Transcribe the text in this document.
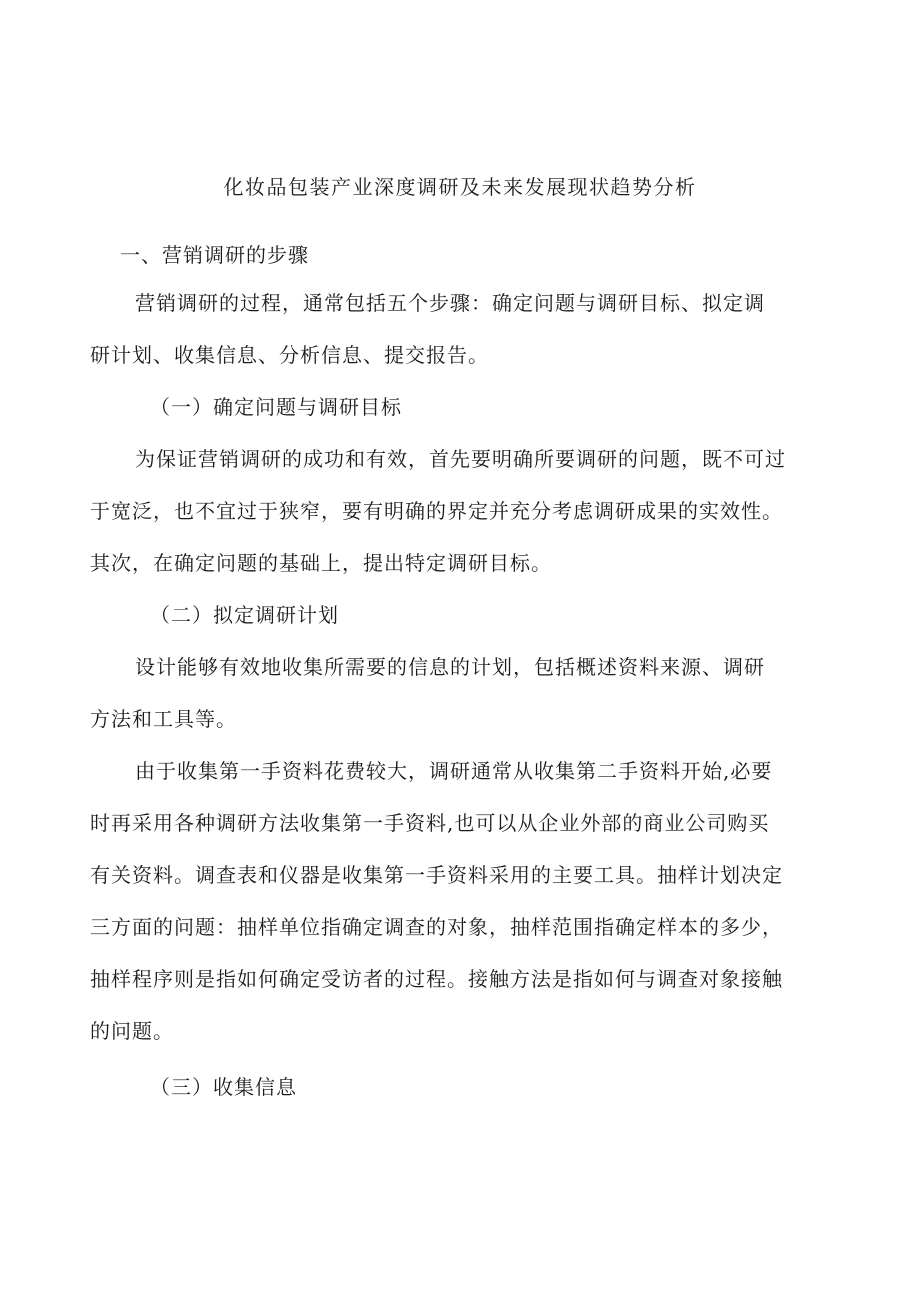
化妆品包装产业深度调研及未来发展现状趋势分析
一、营销调研的步骤
营销调研的过程，通常包括五个步骤：确定问题与调研目标、拟定调
研计划、收集信息、分析信息、提交报告。
（一）确定问题与调研目标
为保证营销调研的成功和有效，首先要明确所要调研的问题，既不可过
于宽泛，也不宜过于狭窄，要有明确的界定并充分考虑调研成果的实效性。
其次，在确定问题的基础上，提出特定调研目标。
（二）拟定调研计划
设计能够有效地收集所需要的信息的计划，包括概述资料来源、调研
方法和工具等。
由于收集第一手资料花费较大，调研通常从收集第二手资料开始,必要
时再采用各种调研方法收集第一手资料,也可以从企业外部的商业公司购买
有关资料。调查表和仪器是收集第一手资料采用的主要工具。抽样计划决定
三方面的问题：抽样单位指确定调查的对象，抽样范围指确定样本的多少，
抽样程序则是指如何确定受访者的过程。接触方法是指如何与调查对象接触
的问题。
（三）收集信息
